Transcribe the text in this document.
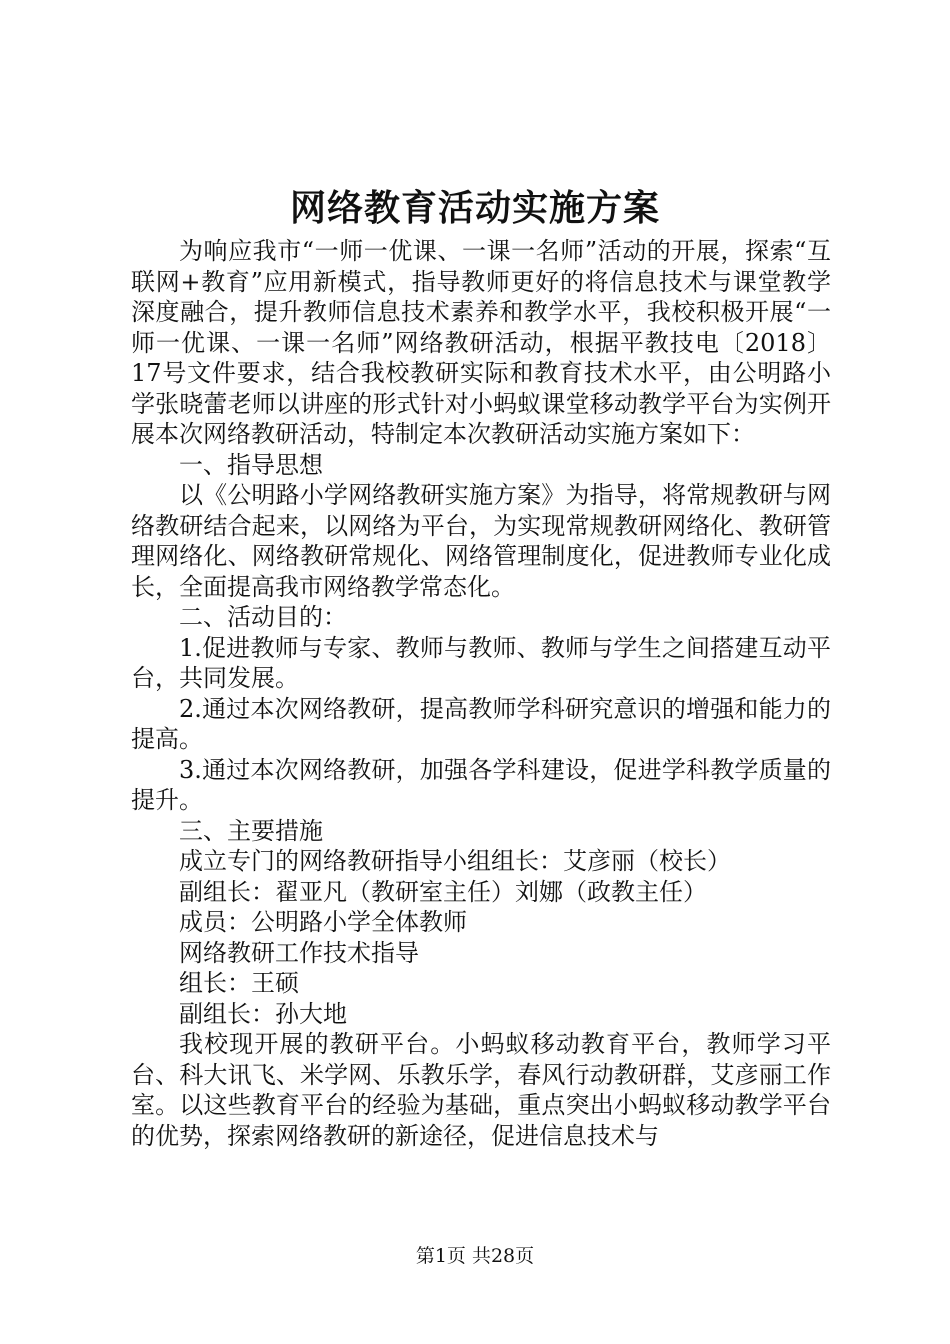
网络教育活动实施方案

为响应我市“一师一优课、一课一名师”活动的开展，探索“互联网+教育”应用新模式，指导教师更好的将信息技术与课堂教学深度融合，提升教师信息技术素养和教学水平，我校积极开展“一师一优课、一课一名师”网络教研活动，根据平教技电〔2018〕17号文件要求，结合我校教研实际和教育技术水平，由公明路小学张晓蕾老师以讲座的形式针对小蚂蚁课堂移动教学平台为实例开展本次网络教研活动，特制定本次教研活动实施方案如下：

一、指导思想

以《公明路小学网络教研实施方案》为指导，将常规教研与网络教研结合起来，以网络为平台，为实现常规教研网络化、教研管理网络化、网络教研常规化、网络管理制度化，促进教师专业化成长，全面提高我市网络教学常态化。

二、活动目的：

1.促进教师与专家、教师与教师、教师与学生之间搭建互动平台，共同发展。

2.通过本次网络教研，提高教师学科研究意识的增强和能力的提高。

3.通过本次网络教研，加强各学科建设，促进学科教学质量的提升。

三、主要措施

成立专门的网络教研指导小组组长：艾彦丽（校长）

副组长：翟亚凡（教研室主任）刘娜（政教主任）

成员：公明路小学全体教师

网络教研工作技术指导

组长：王硕

副组长：孙大地

我校现开展的教研平台。小蚂蚁移动教育平台，教师学习平台、科大讯飞、米学网、乐教乐学，春风行动教研群，艾彦丽工作室。以这些教育平台的经验为基础，重点突出小蚂蚁移动教学平台的优势，探索网络教研的新途径，促进信息技术与

第1页 共28页
